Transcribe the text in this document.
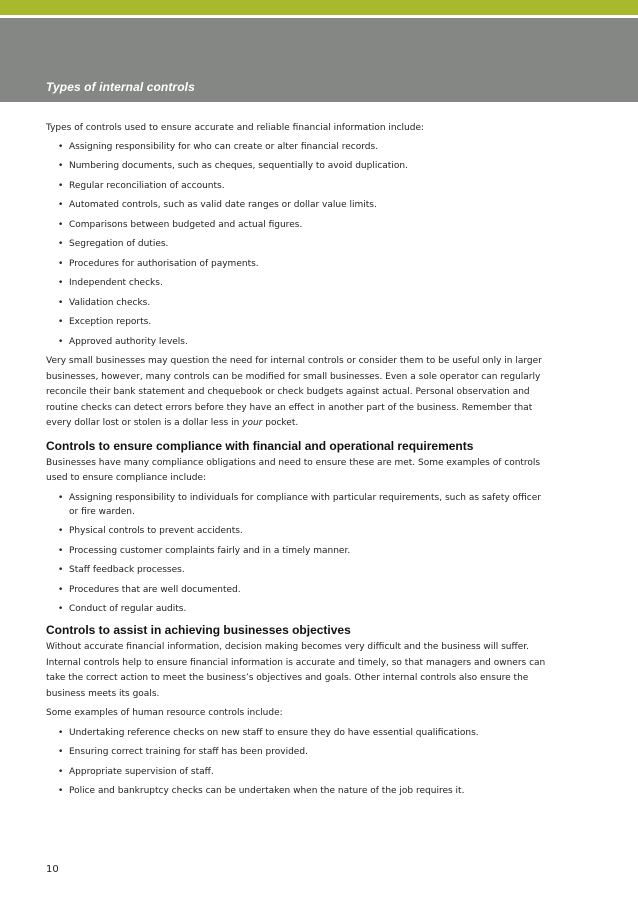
Types of internal controls

Types of controls used to ensure accurate and reliable financial information include:

• Assigning responsibility for who can create or alter financial records.
• Numbering documents, such as cheques, sequentially to avoid duplication.
• Regular reconciliation of accounts.
• Automated controls, such as valid date ranges or dollar value limits.
• Comparisons between budgeted and actual figures.
• Segregation of duties.
• Procedures for authorisation of payments.
• Independent checks.
• Validation checks.
• Exception reports.
• Approved authority levels.

Very small businesses may question the need for internal controls or consider them to be useful only in larger businesses, however, many controls can be modified for small businesses. Even a sole operator can regularly reconcile their bank statement and chequebook or check budgets against actual. Personal observation and routine checks can detect errors before they have an effect in another part of the business. Remember that every dollar lost or stolen is a dollar less in your pocket.

Controls to ensure compliance with financial and operational requirements

Businesses have many compliance obligations and need to ensure these are met. Some examples of controls used to ensure compliance include:

• Assigning responsibility to individuals for compliance with particular requirements, such as safety officer or fire warden.
• Physical controls to prevent accidents.
• Processing customer complaints fairly and in a timely manner.
• Staff feedback processes.
• Procedures that are well documented.
• Conduct of regular audits.
Controls to assist in achieving businesses objectives

Without accurate financial information, decision making becomes very difficult and the business will suffer. Internal controls help to ensure financial information is accurate and timely, so that managers and owners can take the correct action to meet the business’s objectives and goals. Other internal controls also ensure the business meets its goals.

Some examples of human resource controls include:

• Undertaking reference checks on new staff to ensure they do have essential qualifications.
• Ensuring correct training for staff has been provided.
• Appropriate supervision of staff.
• Police and bankruptcy checks can be undertaken when the nature of the job requires it.
10
